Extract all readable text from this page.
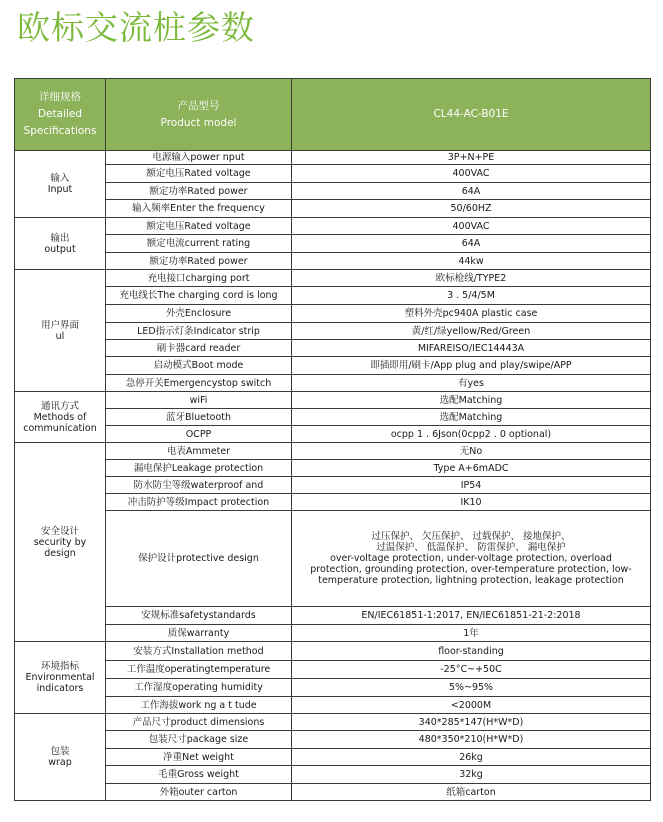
欧标交流桩参数
详细规格
Detailed
Specifications	产品型号
Product model	CL44-AC-B01E

输入
Input	电源输入power nput	3P+N+PE
	额定电压Rated voltage	400VAC
	额定功率Rated power	64A
	输入频率Enter the frequency	50/60HZ

输出
output	额定电压Rated voltage	400VAC
	额定电流current rating	64A
	额定功率Rated power	44kw

用户界面
ul	充电接口charging port	欧标枪线/TYPE2
	充电线长The charging cord is long	3 . 5/4/5M
	外壳Enclosure	塑料外壳pc940A plastic case
	LED指示灯条Indicator strip	黄/红/绿yellow/Red/Green
	刷卡器card reader	MIFAREISO/IEC14443A
	启动模式Boot mode	即插即用/刷卡/App plug and play/swipe/APP
	急停开关Emergencystop switch	有yes

通讯方式
Methods of
communication	wiFi	选配Matching
	蓝牙Bluetooth	选配Matching
	OCPP	ocpp 1 . 6Json(0cpp2 . 0 optional)

安全设计
security by
design	电表Ammeter	无No
	漏电保护Leakage protection	Type A+6mADC
	防水防尘等级waterproof and	IP54
	冲击防护等级Impact protection	IK10
	保护设计protective design	过压保护、 欠压保护、 过载保护、 接地保护、
过温保护、 低温保护、 防雷保护、 漏电保护
over-voltage protection, under-voltage protection, overload
protection, grounding protection, over-temperature protection, low-
temperature protection, lightning protection, leakage protection

	安规标准safetystandards	EN/IEC61851-1:2017, EN/IEC61851-21-2:2018
	质保warranty	1年

环境指标
Environmental
indicators	安装方式Installation method	floor-standing
	工作温度operatingtemperature	-25°C~+50C
	工作湿度operating humidity	5%~95%
	工作海拔work ng a t tude	<2000M

包装
wrap	产品尺寸product dimensions	340*285*147(H*W*D)
	包装尺寸package size	480*350*210(H*W*D)
	净重Net weight	26kg
	毛重Gross weight	32kg
	外箱outer carton	纸箱carton
